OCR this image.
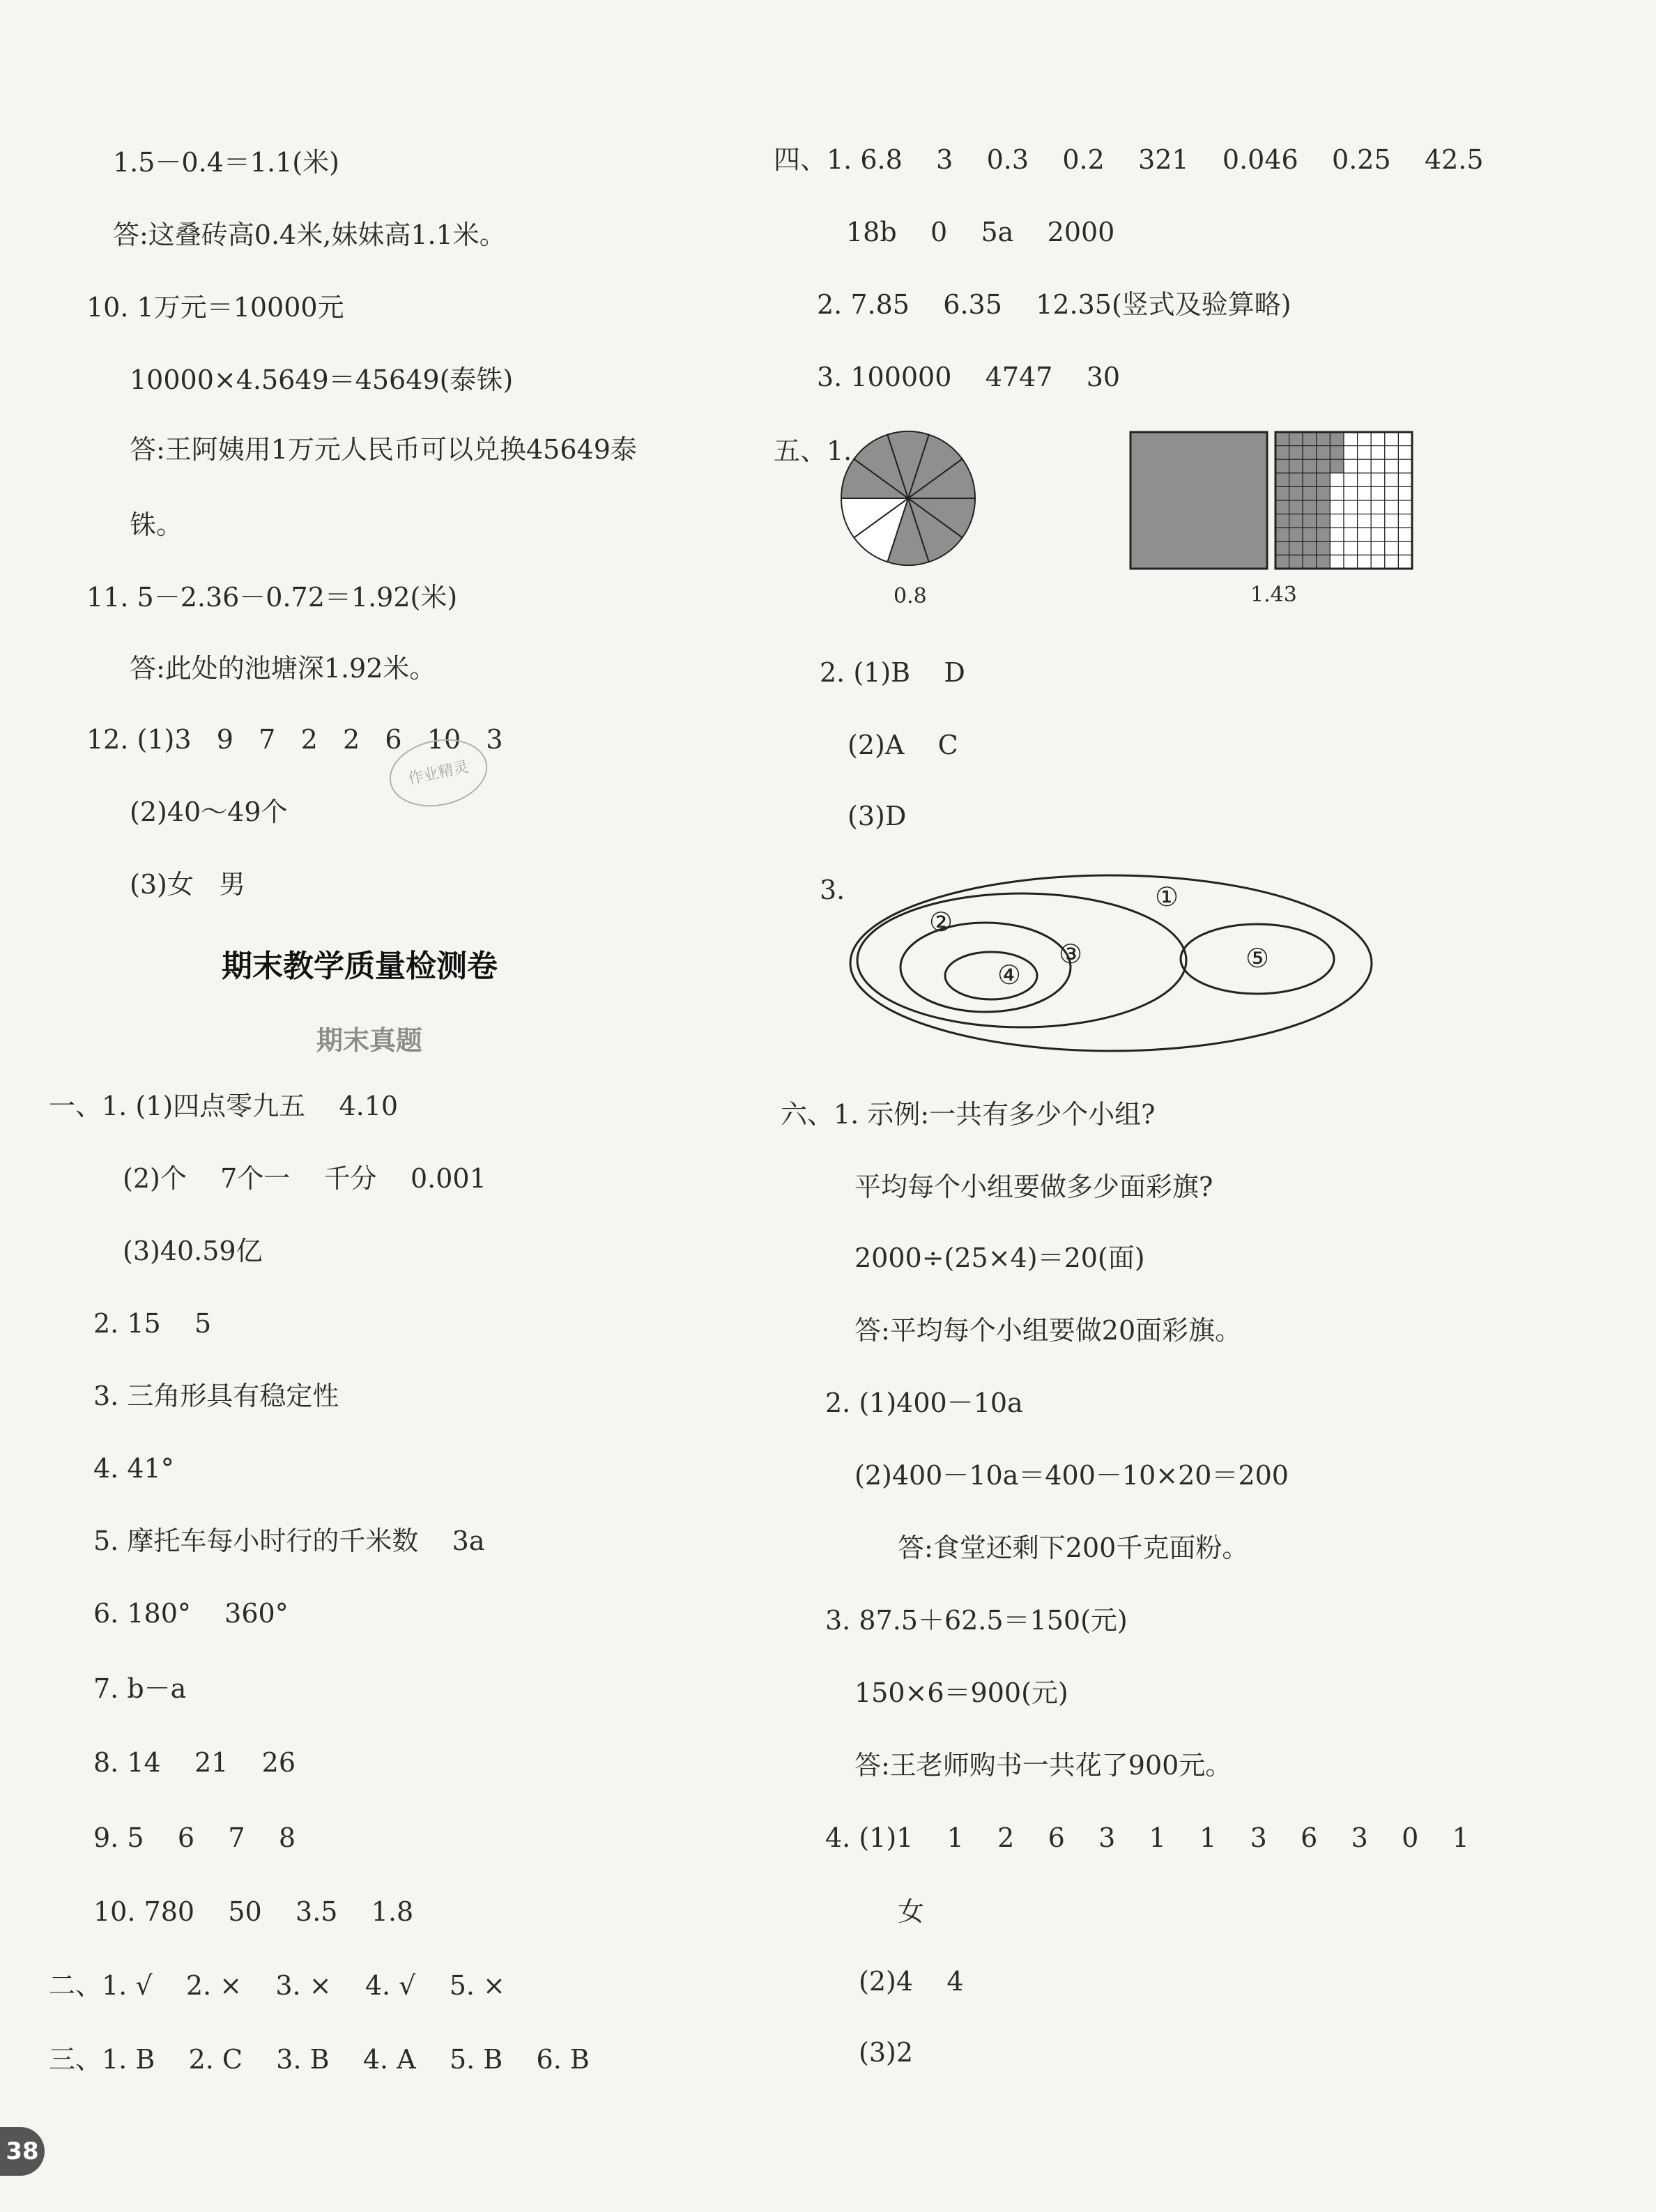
1.5－0.4＝1.1(米)
答:这叠砖高0.4米,妹妹高1.1米。
10. 1万元＝10000元
10000×4.5649＝45649(泰铢)
答:王阿姨用1万元人民币可以兑换45649泰
铢。
11. 5－2.36－0.72＝1.92(米)
答:此处的池塘深1.92米。
12. (1)3   9   7   2   2   6   10   3
(2)40～49个
(3)女   男
作业精灵
期末教学质量检测卷
期末真题
一、1. (1)四点零九五    4.10
(2)个    7个一    千分    0.001
(3)40.59亿
2. 15    5
3. 三角形具有稳定性
4. 41°
5. 摩托车每小时行的千米数    3a
6. 180°    360°
7. b－a
8. 14    21    26
9. 5    6    7    8
10. 780    50    3.5    1.8
二、1. √    2. ×    3. ×    4. √    5. ×
三、1. B    2. C    3. B    4. A    5. B    6. B
38
四、1. 6.8    3    0.3    0.2    321    0.046    0.25    42.5
18b    0    5a    2000
2. 7.85    6.35    12.35(竖式及验算略)
3. 100000    4747    30
五、1.
0.8	1.43
2. (1)B    D
(2)A    C
(3)D
3.	①
②
③
④
⑤
六、1. 示例:一共有多少个小组?
平均每个小组要做多少面彩旗?
2000÷(25×4)＝20(面)
答:平均每个小组要做20面彩旗。
2. (1)400－10a
(2)400－10a＝400－10×20＝200
答:食堂还剩下200千克面粉。
3. 87.5＋62.5＝150(元)
150×6＝900(元)
答:王老师购书一共花了900元。
4. (1)1    1    2    6    3    1    1    3    6    3    0    1
女
(2)4    4
(3)2
